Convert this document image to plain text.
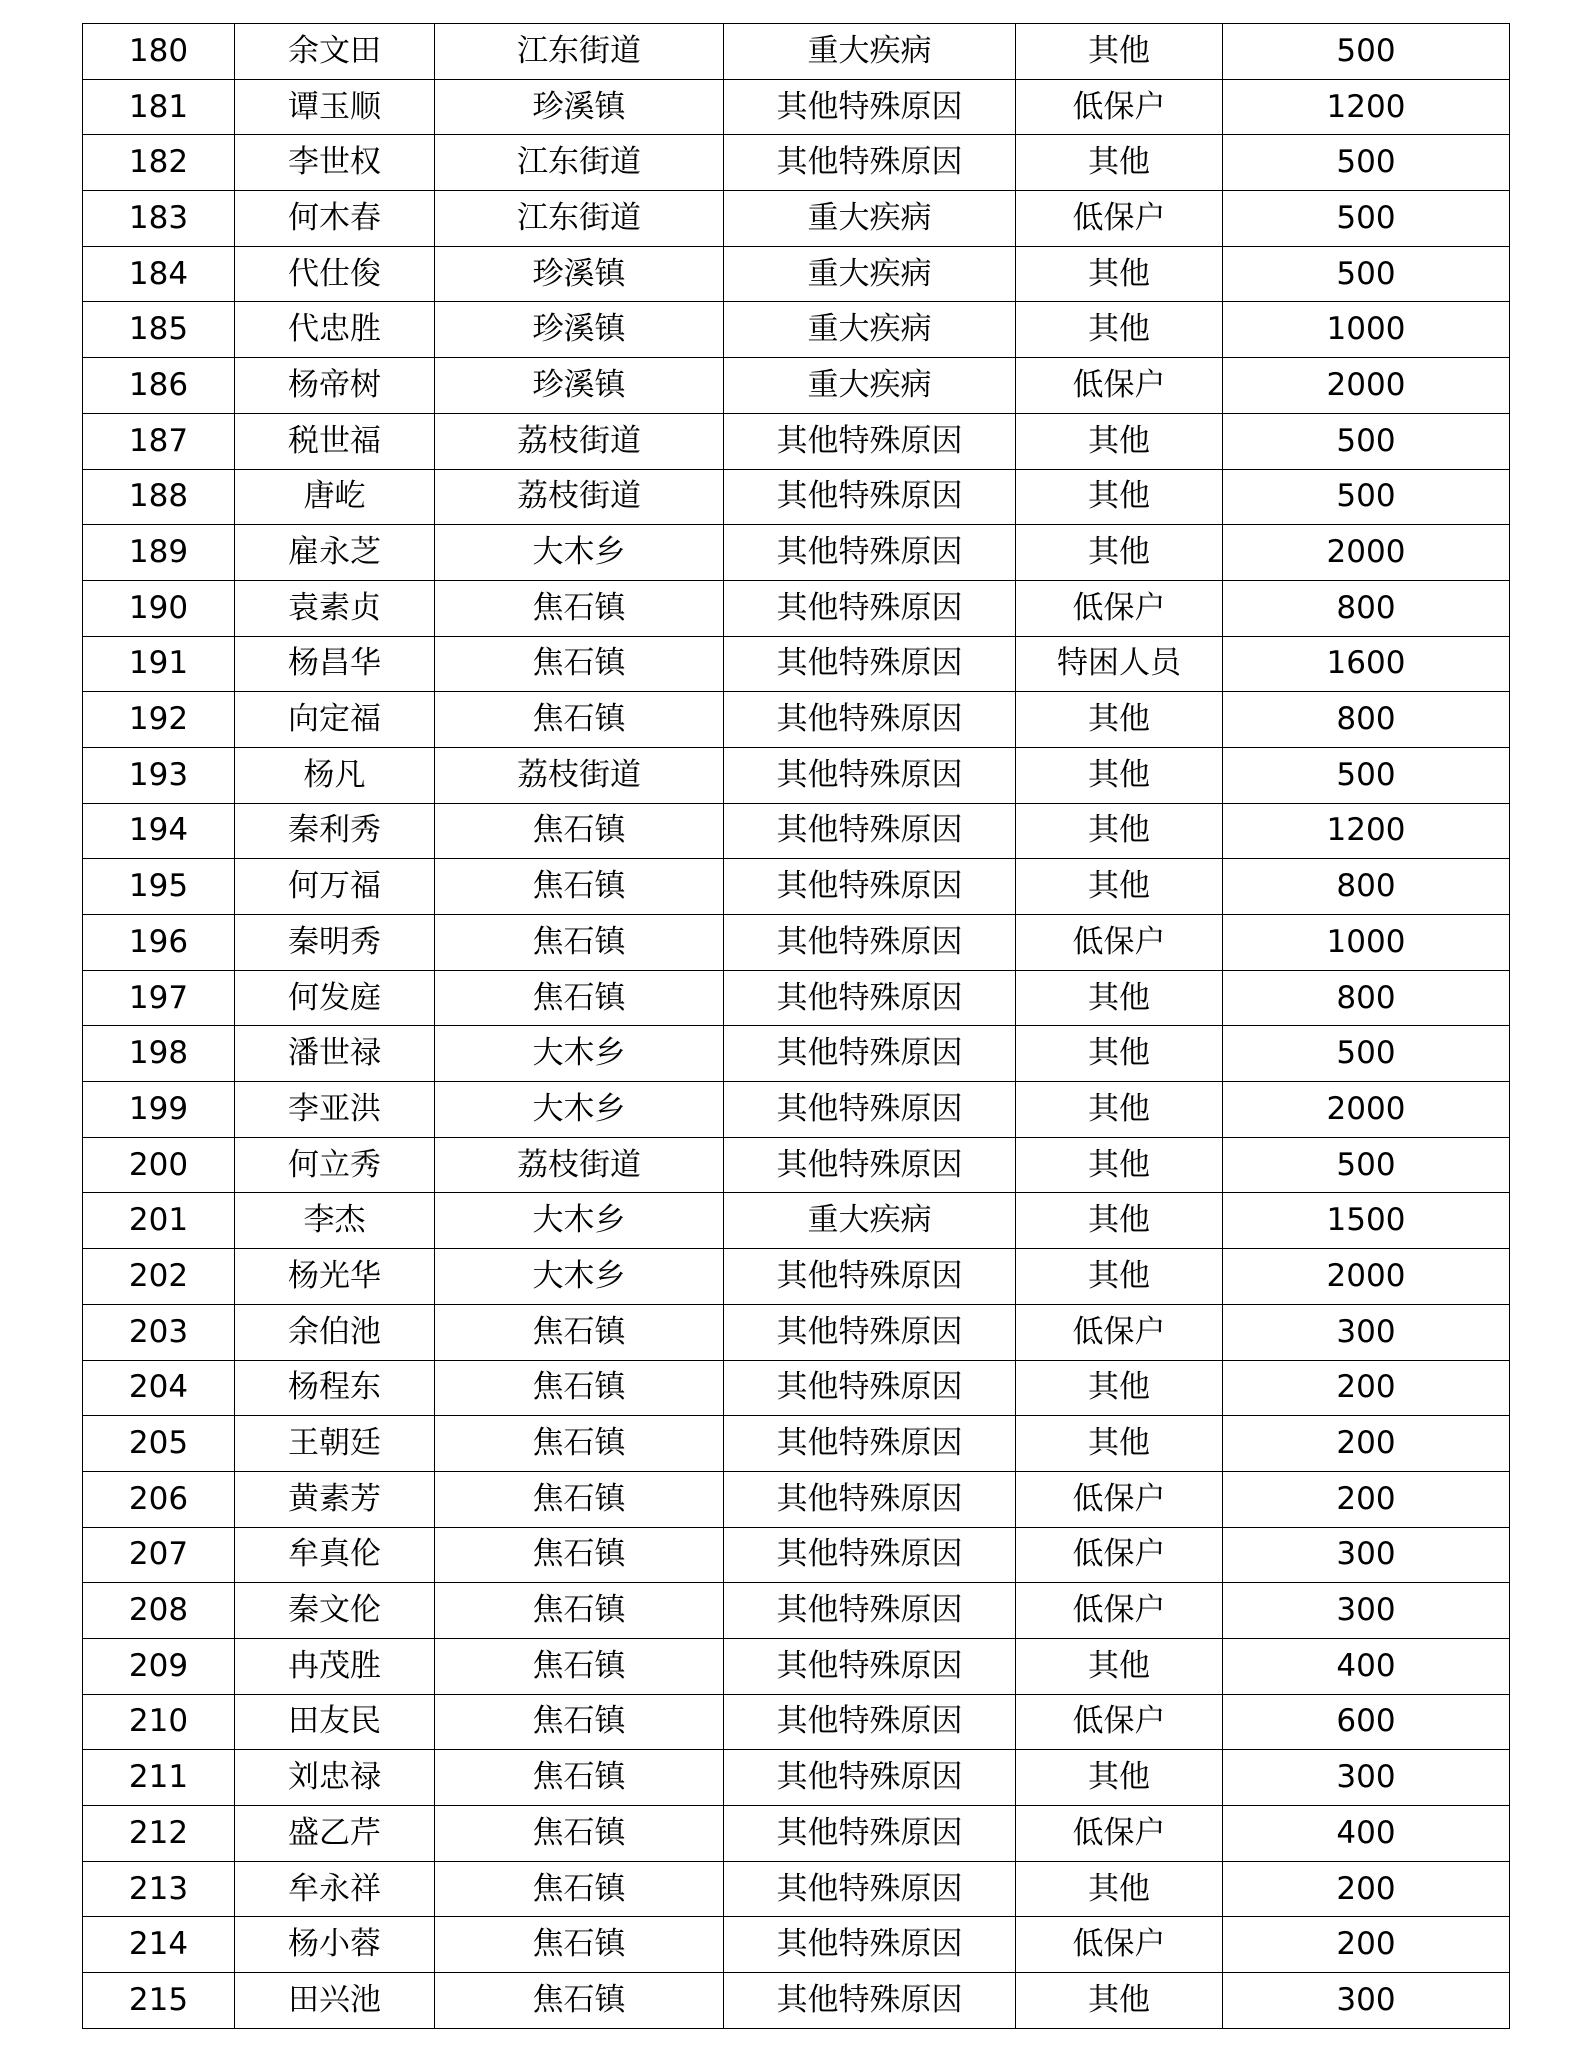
180	余文田	江东街道	重大疾病	其他	500
181	谭玉顺	珍溪镇	其他特殊原因	低保户	1200
182	李世权	江东街道	其他特殊原因	其他	500
183	何木春	江东街道	重大疾病	低保户	500
184	代仕俊	珍溪镇	重大疾病	其他	500
185	代忠胜	珍溪镇	重大疾病	其他	1000
186	杨帝树	珍溪镇	重大疾病	低保户	2000
187	税世福	荔枝街道	其他特殊原因	其他	500
188	唐屹	荔枝街道	其他特殊原因	其他	500
189	雇永芝	大木乡	其他特殊原因	其他	2000
190	袁素贞	焦石镇	其他特殊原因	低保户	800
191	杨昌华	焦石镇	其他特殊原因	特困人员	1600
192	向定福	焦石镇	其他特殊原因	其他	800
193	杨凡	荔枝街道	其他特殊原因	其他	500
194	秦利秀	焦石镇	其他特殊原因	其他	1200
195	何万福	焦石镇	其他特殊原因	其他	800
196	秦明秀	焦石镇	其他特殊原因	低保户	1000
197	何发庭	焦石镇	其他特殊原因	其他	800
198	潘世禄	大木乡	其他特殊原因	其他	500
199	李亚洪	大木乡	其他特殊原因	其他	2000
200	何立秀	荔枝街道	其他特殊原因	其他	500
201	李杰	大木乡	重大疾病	其他	1500
202	杨光华	大木乡	其他特殊原因	其他	2000
203	余伯池	焦石镇	其他特殊原因	低保户	300
204	杨程东	焦石镇	其他特殊原因	其他	200
205	王朝廷	焦石镇	其他特殊原因	其他	200
206	黄素芳	焦石镇	其他特殊原因	低保户	200
207	牟真伦	焦石镇	其他特殊原因	低保户	300
208	秦文伦	焦石镇	其他特殊原因	低保户	300
209	冉茂胜	焦石镇	其他特殊原因	其他	400
210	田友民	焦石镇	其他特殊原因	低保户	600
211	刘忠禄	焦石镇	其他特殊原因	其他	300
212	盛乙芹	焦石镇	其他特殊原因	低保户	400
213	牟永祥	焦石镇	其他特殊原因	其他	200
214	杨小蓉	焦石镇	其他特殊原因	低保户	200
215	田兴池	焦石镇	其他特殊原因	其他	300
